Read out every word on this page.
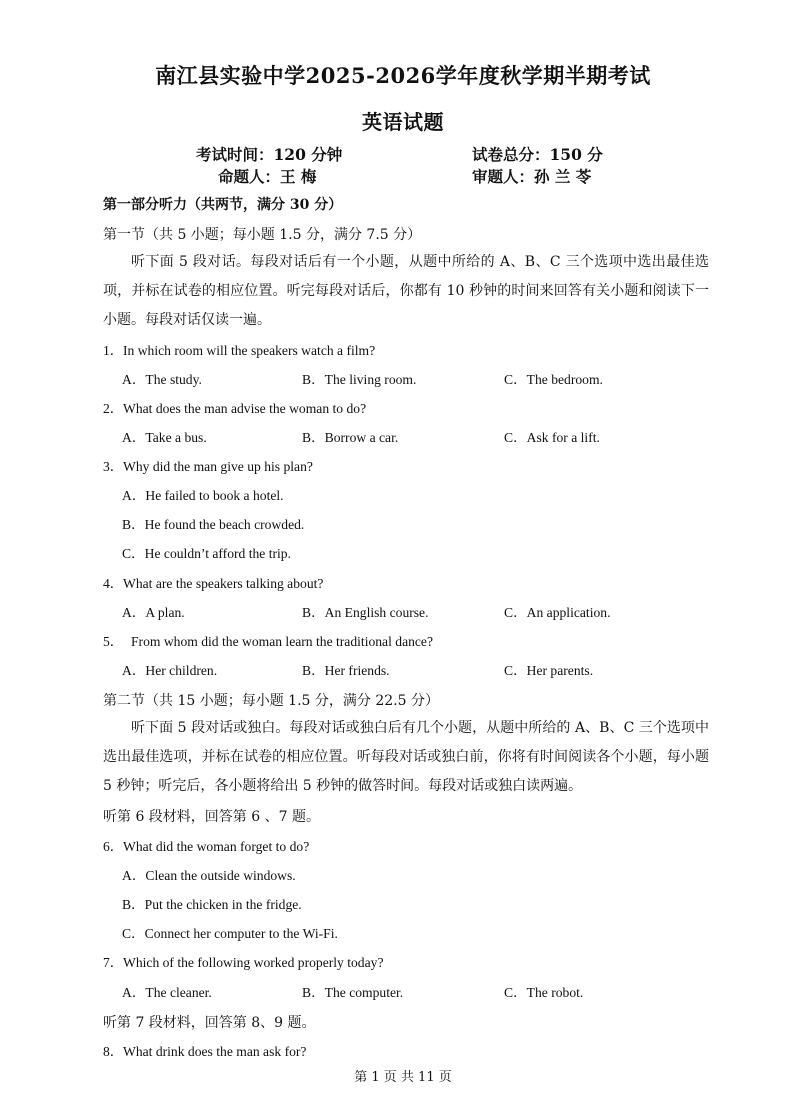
南江县实验中学2025-2026学年度秋学期半期考试
英语试题
考试时间：120 分钟	试卷总分：150 分
命题人：王 梅	审题人：孙 兰 苓
第一部分听力（共两节，满分 30 分）
第一节（共 5 小题；每小题 1.5 分，满分 7.5 分）
听下面 5 段对话。每段对话后有一个小题，从题中所给的 A、B、C 三个选项中选出最佳选项，并标在试卷的相应位置。听完每段对话后，你都有 10 秒钟的时间来回答有关小题和阅读下一小题。每段对话仅读一遍。
1．In which room will the speakers watch a film?
A．The study.	B．The living room.	C．The bedroom.
2．What does the man advise the woman to do?
A．Take a bus.	B．Borrow a car.	C．Ask for a lift.
3．Why did the man give up his plan?
A．He failed to book a hotel.
B．He found the beach crowded.
C．He couldn’t afford the trip.
4．What are the speakers talking about?
A．A plan.	B．An English course.	C．An application.
5． From whom did the woman learn the traditional dance?
A．Her children.	B．Her friends.	C．Her parents.
第二节（共 15 小题；每小题 1.5 分，满分 22.5 分）
听下面 5 段对话或独白。每段对话或独白后有几个小题，从题中所给的 A、B、C 三个选项中选出最佳选项，并标在试卷的相应位置。听每段对话或独白前，你将有时间阅读各个小题，每小题 5 秒钟；听完后，各小题将给出 5 秒钟的做答时间。每段对话或独白读两遍。
听第 6 段材料，回答第 6 、7 题。
6．What did the woman forget to do?
A．Clean the outside windows.
B．Put the chicken in the fridge.
C．Connect her computer to the Wi-Fi.
7．Which of the following worked properly today?
A．The cleaner.	B．The computer.	C．The robot.
听第 7 段材料，回答第 8、9 题。
8．What drink does the man ask for?
第 1 页 共 11 页
